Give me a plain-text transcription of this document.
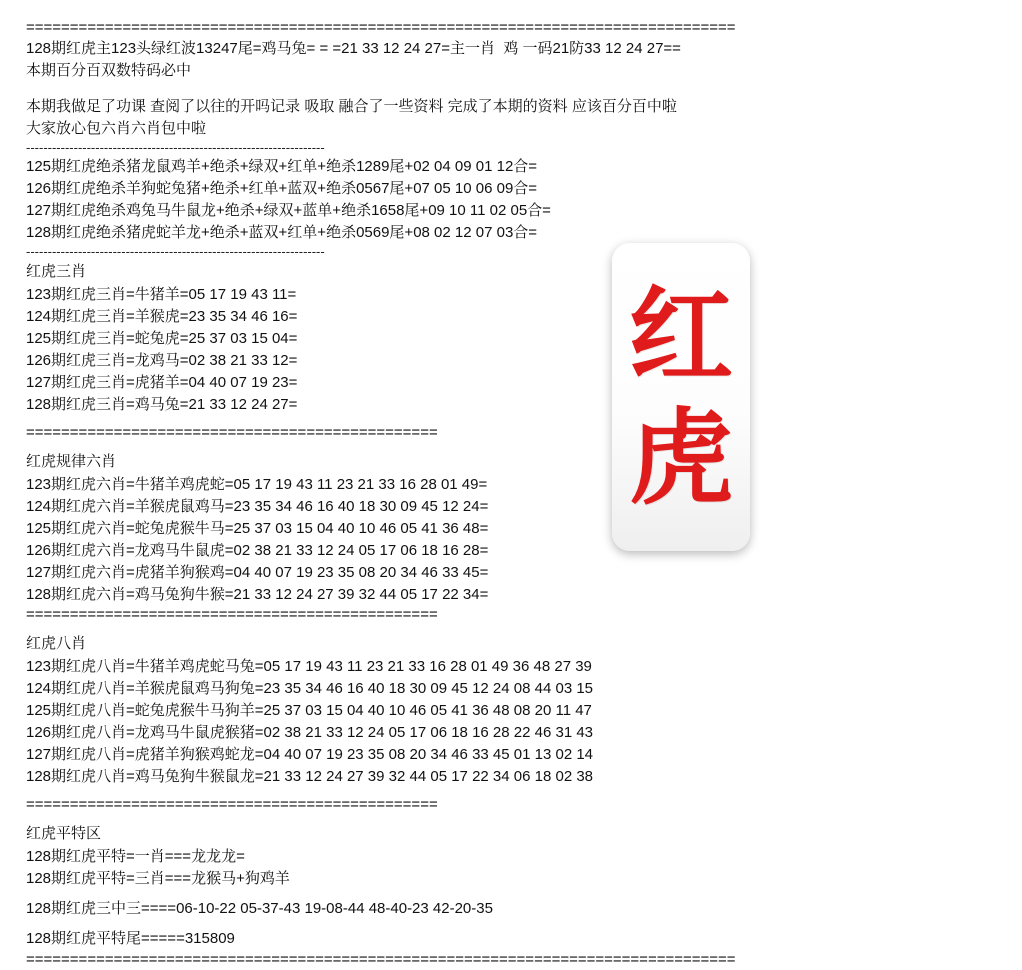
红
虎
=================================================================================
128期红虎主123头绿红波13247尾=鸡马兔= = =21 33 12 24 27=主一肖  鸡 一码21防33 12 24 27==
本期百分百双数特码必中
本期我做足了功课 查阅了以往的开吗记录 吸取 融合了一些资料 完成了本期的资料 应该百分百中啦
大家放心包六肖六肖包中啦
---------------------------------------------------------------------
125期红虎绝杀猪龙鼠鸡羊+绝杀+绿双+红单+绝杀1289尾+02 04 09 01 12合=
126期红虎绝杀羊狗蛇兔猪+绝杀+红单+蓝双+绝杀0567尾+07 05 10 06 09合=
127期红虎绝杀鸡兔马牛鼠龙+绝杀+绿双+蓝单+绝杀1658尾+09 10 11 02 05合=
128期红虎绝杀猪虎蛇羊龙+绝杀+蓝双+红单+绝杀0569尾+08 02 12 07 03合=
---------------------------------------------------------------------
红虎三肖
123期红虎三肖=牛猪羊=05 17 19 43 11=
124期红虎三肖=羊猴虎=23 35 34 46 16=
125期红虎三肖=蛇兔虎=25 37 03 15 04=
126期红虎三肖=龙鸡马=02 38 21 33 12=
127期红虎三肖=虎猪羊=04 40 07 19 23=
128期红虎三肖=鸡马兔=21 33 12 24 27=
===============================================
红虎规律六肖
123期红虎六肖=牛猪羊鸡虎蛇=05 17 19 43 11 23 21 33 16 28 01 49=
124期红虎六肖=羊猴虎鼠鸡马=23 35 34 46 16 40 18 30 09 45 12 24=
125期红虎六肖=蛇兔虎猴牛马=25 37 03 15 04 40 10 46 05 41 36 48=
126期红虎六肖=龙鸡马牛鼠虎=02 38 21 33 12 24 05 17 06 18 16 28=
127期红虎六肖=虎猪羊狗猴鸡=04 40 07 19 23 35 08 20 34 46 33 45=
128期红虎六肖=鸡马兔狗牛猴=21 33 12 24 27 39 32 44 05 17 22 34=
===============================================
红虎八肖
123期红虎八肖=牛猪羊鸡虎蛇马兔=05 17 19 43 11 23 21 33 16 28 01 49 36 48 27 39
124期红虎八肖=羊猴虎鼠鸡马狗兔=23 35 34 46 16 40 18 30 09 45 12 24 08 44 03 15
125期红虎八肖=蛇兔虎猴牛马狗羊=25 37 03 15 04 40 10 46 05 41 36 48 08 20 11 47
126期红虎八肖=龙鸡马牛鼠虎猴猪=02 38 21 33 12 24 05 17 06 18 16 28 22 46 31 43
127期红虎八肖=虎猪羊狗猴鸡蛇龙=04 40 07 19 23 35 08 20 34 46 33 45 01 13 02 14
128期红虎八肖=鸡马兔狗牛猴鼠龙=21 33 12 24 27 39 32 44 05 17 22 34 06 18 02 38
===============================================
红虎平特区
128期红虎平特=一肖===龙龙龙=
128期红虎平特=三肖===龙猴马+狗鸡羊
128期红虎三中三====06-10-22 05-37-43 19-08-44 48-40-23 42-20-35
128期红虎平特尾=====315809
=================================================================================
